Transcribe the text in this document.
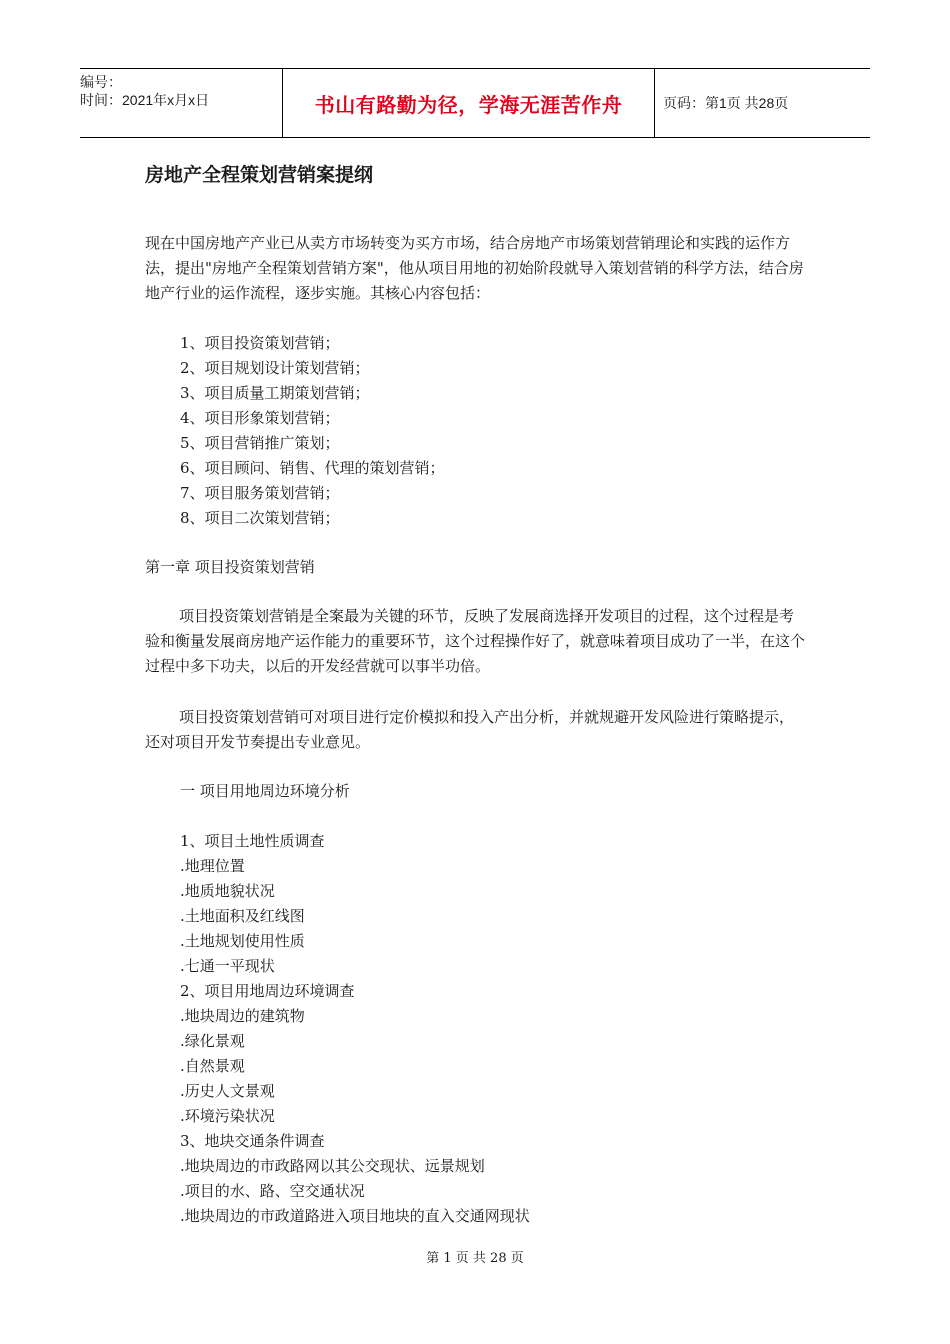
编号：
时间：2021年x月x日	书山有路勤为径，学海无涯苦作舟	页码：第1页 共28页
房地产全程策划营销案提纲
现在中国房地产产业已从卖方市场转变为买方市场，结合房地产市场策划营销理论和实践的运作方法，提出"房地产全程策划营销方案"，他从项目用地的初始阶段就导入策划营销的科学方法，结合房地产行业的运作流程，逐步实施。其核心内容包括：
1、项目投资策划营销；
2、项目规划设计策划营销；
3、项目质量工期策划营销；
4、项目形象策划营销；
5、项目营销推广策划；
6、项目顾问、销售、代理的策划营销；
7、项目服务策划营销；
8、项目二次策划营销；
第一章 项目投资策划营销
项目投资策划营销是全案最为关键的环节，反映了发展商选择开发项目的过程，这个过程是考验和衡量发展商房地产运作能力的重要环节，这个过程操作好了，就意味着项目成功了一半，在这个过程中多下功夫，以后的开发经营就可以事半功倍。
项目投资策划营销可对项目进行定价模拟和投入产出分析，并就规避开发风险进行策略提示，还对项目开发节奏提出专业意见。
一 项目用地周边环境分析
1、项目土地性质调查
.地理位置
.地质地貌状况
.土地面积及红线图
.土地规划使用性质
.七通一平现状
2、项目用地周边环境调查
.地块周边的建筑物
.绿化景观
.自然景观
.历史人文景观
.环境污染状况
3、地块交通条件调查
.地块周边的市政路网以其公交现状、远景规划
.项目的水、路、空交通状况
.地块周边的市政道路进入项目地块的直入交通网现状
第 1 页 共 28 页
